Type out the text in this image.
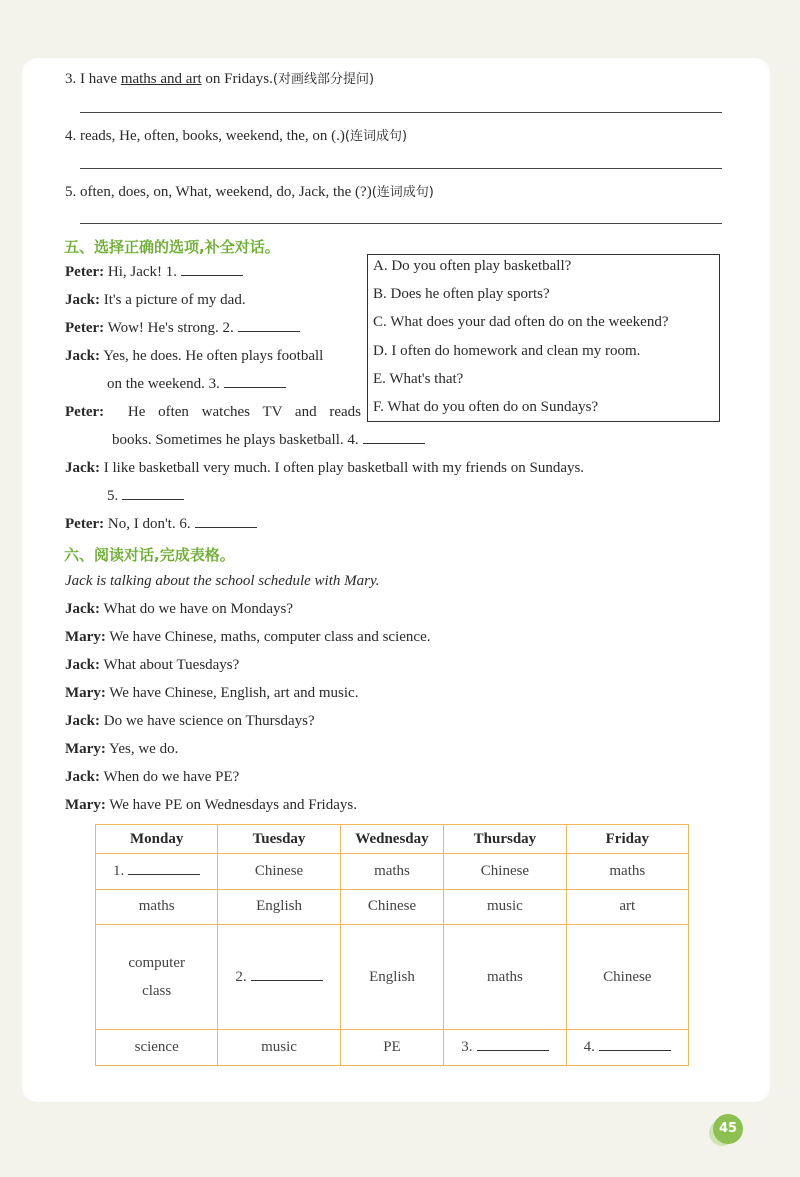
3. I have maths and art on Fridays.(对画线部分提问)
4. reads, He, often, books, weekend, the, on (.)(连词成句)
5. often, does, on, What, weekend, do, Jack, the (?)(连词成句)
五、选择正确的选项,补全对话。
Peter: Hi, Jack! 1.
Jack: It's a picture of my dad.
Peter: Wow! He's strong. 2.
Jack: Yes, he does. He often plays football
on the weekend. 3.
Peter: He often watches TV and reads
books. Sometimes he plays basketball. 4.
Jack: I like basketball very much. I often play basketball with my friends on Sundays.
5.
Peter: No, I don't. 6.
A. Do you often play basketball?
B. Does he often play sports?
C. What does your dad often do on the weekend?
D. I often do homework and clean my room.
E. What's that?
F. What do you often do on Sundays?
六、阅读对话,完成表格。
Jack is talking about the school schedule with Mary.
Jack: What do we have on Mondays?
Mary: We have Chinese, maths, computer class and science.
Jack: What about Tuesdays?
Mary: We have Chinese, English, art and music.
Jack: Do we have science on Thursdays?
Mary: Yes, we do.
Jack: When do we have PE?
Mary: We have PE on Wednesdays and Fridays.
Monday	Tuesday	Wednesday	Thursday	Friday
1.	Chinese	maths	Chinese	maths
maths	English	Chinese	music	art
computer class	2.	English	maths	Chinese
science	music	PE	3.	4.
45
